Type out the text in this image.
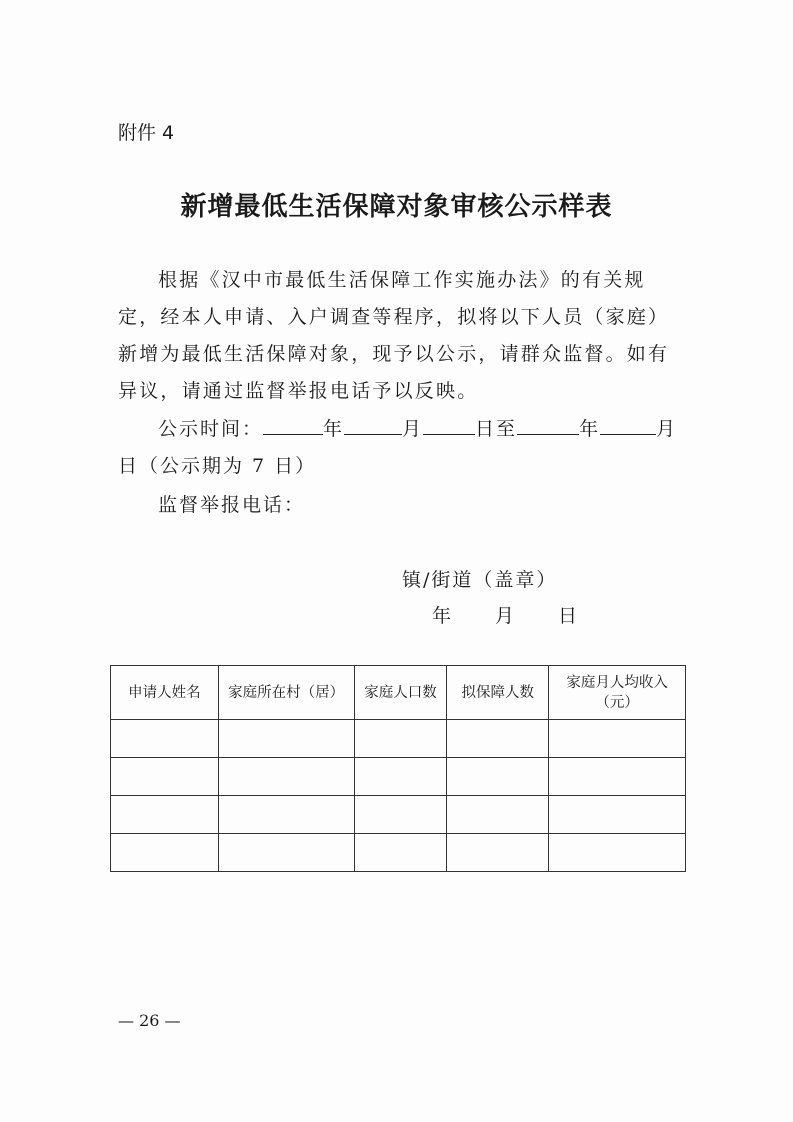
附件 4
新增最低生活保障对象审核公示样表
根据《汉中市最低生活保障工作实施办法》的有关规定，经本人申请、入户调查等程序，拟将以下人员（家庭）新增为最低生活保障对象，现予以公示，请群众监督。如有异议，请通过监督举报电话予以反映。
公示时间：	年	月	日至	年	月
日（公示期为 7 日）
监督举报电话：
镇/街道（盖章）
年　　月　　日
申请人姓名	家庭所在村（居）	家庭人口数	拟保障人数	家庭月人均收入（元）

— 26 —
